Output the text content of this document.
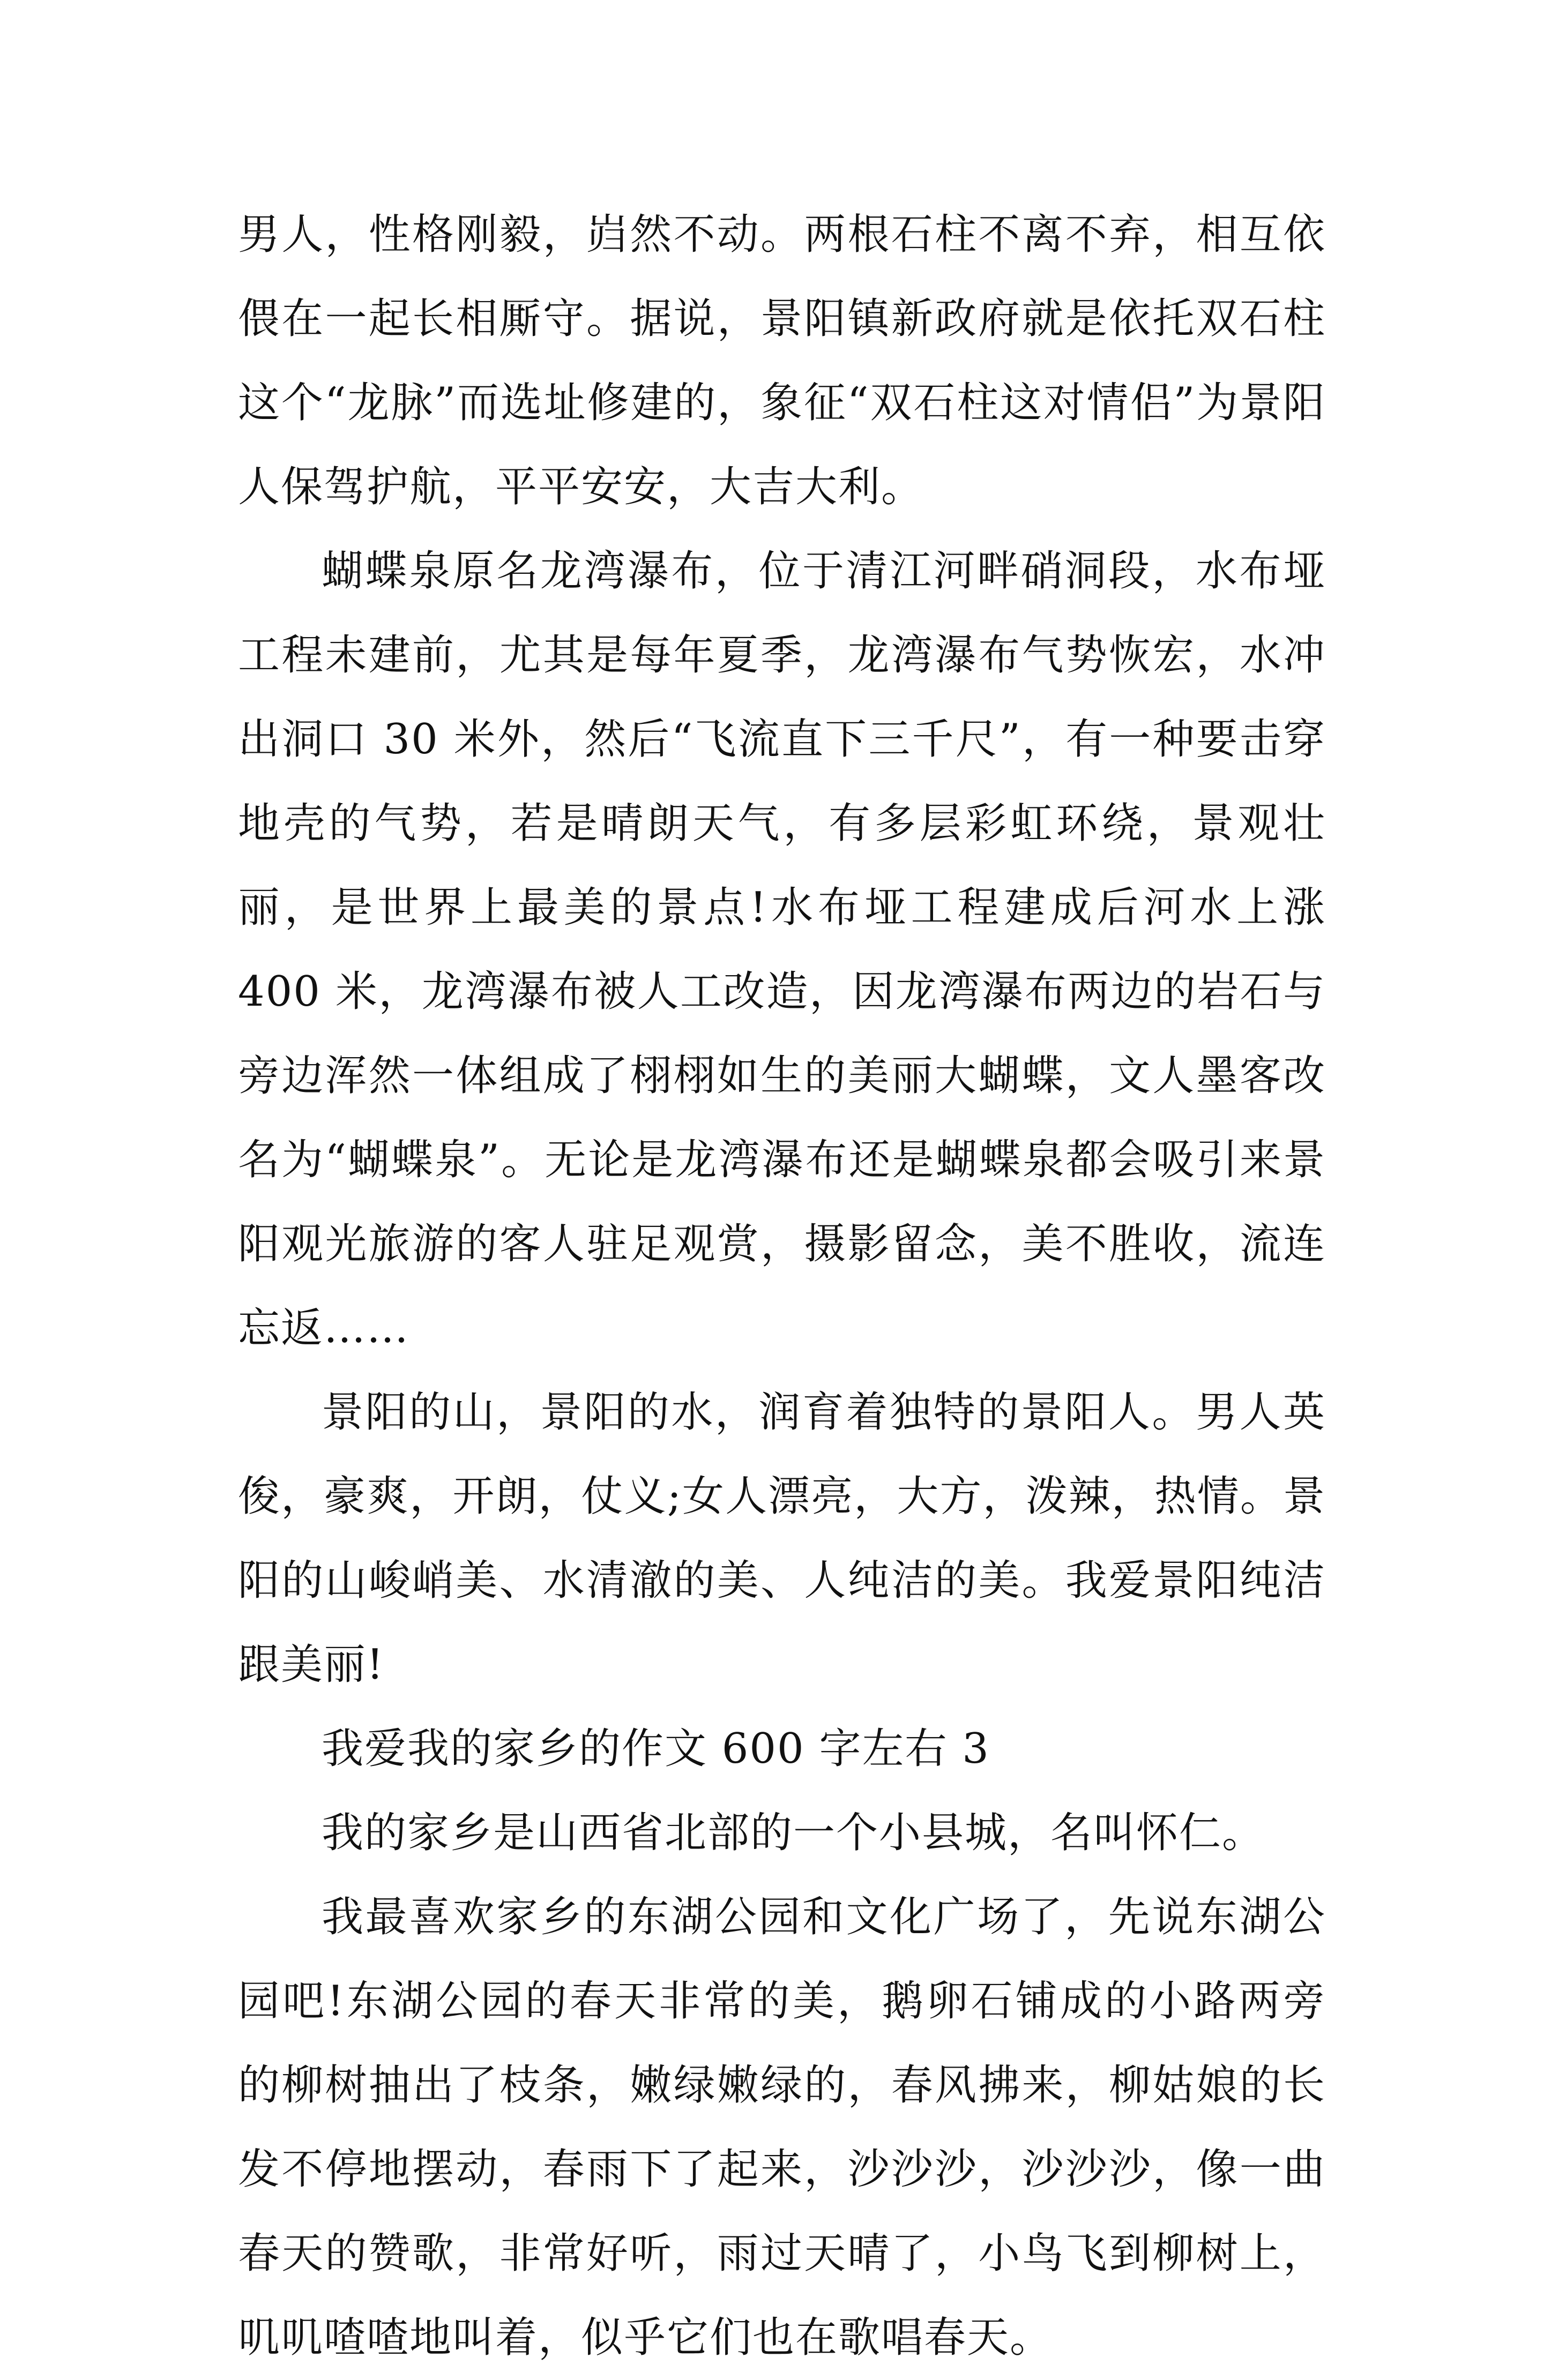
男人，性格刚毅，岿然不动。两根石柱不离不弃，相互依偎在一起长相厮守。据说，景阳镇新政府就是依托双石柱这个“龙脉”而选址修建的，象征“双石柱这对情侣”为景阳人保驾护航，平平安安，大吉大利。

蝴蝶泉原名龙湾瀑布，位于清江河畔硝洞段，水布垭工程未建前，尤其是每年夏季，龙湾瀑布气势恢宏，水冲出洞口 30 米外，然后“飞流直下三千尺”，有一种要击穿地壳的气势，若是晴朗天气，有多层彩虹环绕，景观壮丽，是世界上最美的景点!水布垭工程建成后河水上涨 400 米，龙湾瀑布被人工改造，因龙湾瀑布两边的岩石与旁边浑然一体组成了栩栩如生的美丽大蝴蝶，文人墨客改名为“蝴蝶泉”。无论是龙湾瀑布还是蝴蝶泉都会吸引来景阳观光旅游的客人驻足观赏，摄影留念，美不胜收，流连忘返……

景阳的山，景阳的水，润育着独特的景阳人。男人英俊，豪爽，开朗，仗义;女人漂亮，大方，泼辣，热情。景阳的山峻峭美、水清澈的美、人纯洁的美。我爱景阳纯洁跟美丽!

我爱我的家乡的作文 600 字左右 3

我的家乡是山西省北部的一个小县城，名叫怀仁。

我最喜欢家乡的东湖公园和文化广场了，先说东湖公园吧!东湖公园的春天非常的美，鹅卵石铺成的小路两旁的柳树抽出了枝条，嫩绿嫩绿的，春风拂来，柳姑娘的长发不停地摆动，春雨下了起来，沙沙沙，沙沙沙，像一曲春天的赞歌，非常好听，雨过天晴了，小鸟飞到柳树上，叽叽喳喳地叫着，似乎它们也在歌唱春天。
